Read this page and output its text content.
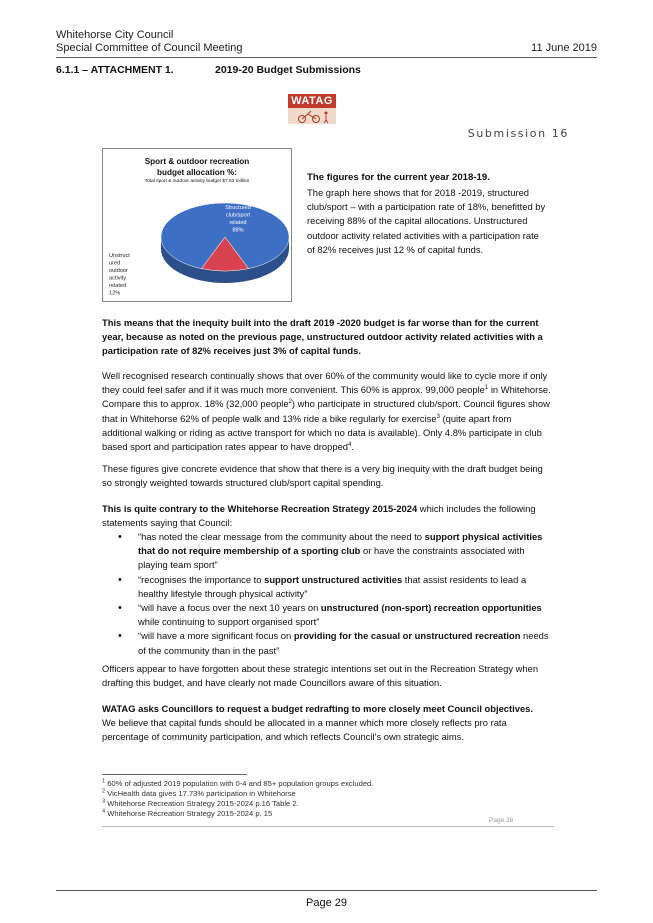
Whitehorse City Council
Special Committee of Council Meeting	11 June 2019
6.1.1 – ATTACHMENT 1.	2019-20 Budget Submissions
WATAG
Submission 16
Sport & outdoor recreation budget allocation %:
Total sport & outdoor activity budget $7.63 million
Structured
club/sport
related
88%
Unstruct
ured
outdoor
activity
related
12%
The figures for the current year 2018-19.
The graph here shows that for 2018 -2019, structured
club/sport – with a participation rate of 18%, benefitted by
receiving 88% of the capital allocations. Unstructured
outdoor activity related activities with a participation rate
of 82% receives just 12 % of capital funds.

This means that the inequity built into the draft 2019 -2020 budget is far worse than for the current year, because as noted on the previous page, unstructured outdoor activity related activities with a participation rate of 82% receives just 3% of capital funds.

Well recognised research continually shows that over 60% of the community would like to cycle more if only they could feel safer and if it was much more convenient. This 60% is approx. 99,000 people$^1$ in Whitehorse. Compare this to approx. 18% (32,000 people$^2$) who participate in structured club/sport. Council figures show that in Whitehorse 62% of people walk and 13% ride a bike regularly for exercise$^3$ (quite apart from additional walking or riding as active transport for which no data is available). Only 4.8% participate in club based sport and participation rates appear to have dropped$^4$.

These figures give concrete evidence that show that there is a very big inequity with the draft budget being so strongly weighted towards structured club/sport capital spending.

This is quite contrary to the Whitehorse Recreation Strategy 2015-2024 which includes the following statements saying that Council:

• “has noted the clear message from the community about the need to support physical activities that do not require membership of a sporting club or have the constraints associated with playing team sport”
• “recognises the importance to support unstructured activities that assist residents to lead a healthy lifestyle through physical activity”
• “will have a focus over the next 10 years on unstructured (non-sport) recreation opportunities while continuing to support organised sport”
• “will have a more significant focus on providing for the casual or unstructured recreation needs of the community than in the past”

Officers appear to have forgotten about these strategic intentions set out in the Recreation Strategy when drafting this budget, and have clearly not made Councillors aware of this situation.

WATAG asks Councillors to request a budget redrafting to more closely meet Council objectives.
We believe that capital funds should be allocated in a manner which more closely reflects pro rata percentage of community participation, and which reflects Council’s own strategic aims.

$^1$ 60% of adjusted 2019 population with 0-4 and 85+ population groups excluded.
$^2$ VicHealth data gives 17.73% participation in Whitehorse
$^3$ Whitehorse Recreation Strategy 2015-2024 p.16 Table 2.
$^4$ Whitehorse Recreation Strategy 2015-2024 p. 15
Page 28
Page 29
